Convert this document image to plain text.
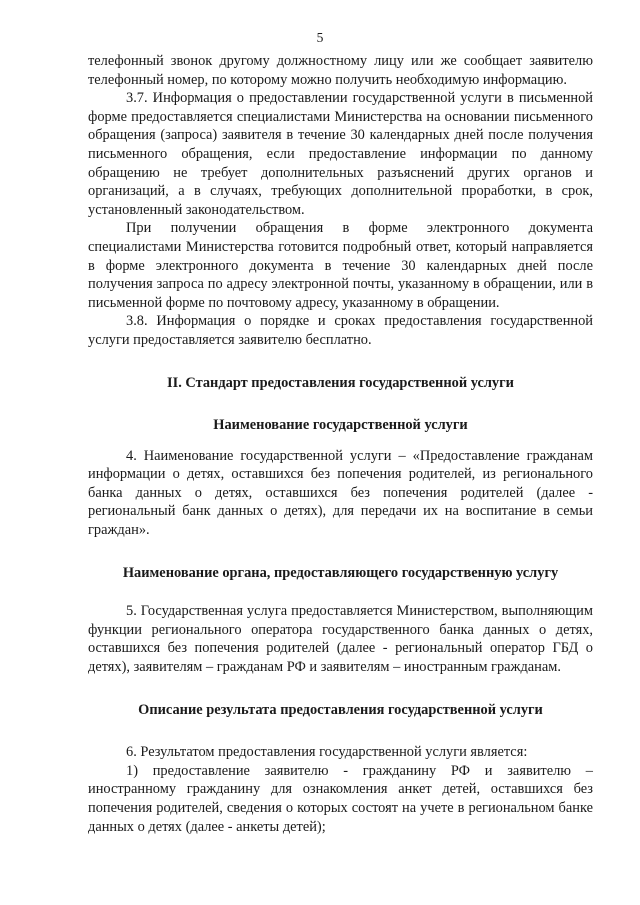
5

телефонный звонок другому должностному лицу или же сообщает заявителю телефонный номер, по которому можно получить необходимую информацию.

3.7. Информация о предоставлении государственной услуги в письменной форме предоставляется специалистами Министерства на основании письменного обращения (запроса) заявителя в течение 30 календарных дней после получения письменного обращения, если предоставление информации по данному обращению не требует дополнительных разъяснений других органов и организаций, а в случаях, требующих дополнительной проработки, в срок, установленный законодательством.

При получении обращения в форме электронного документа специалистами Министерства готовится подробный ответ, который направляется в форме электронного документа в течение 30 календарных дней после получения запроса по адресу электронной почты, указанному в обращении, или в письменной форме по почтовому адресу, указанному в обращении.

3.8. Информация о порядке и сроках предоставления государственной услуги предоставляется заявителю бесплатно.

II. Стандарт предоставления государственной услуги
Наименование государственной услуги

4. Наименование государственной услуги – «Предоставление гражданам информации о детях, оставшихся без попечения родителей, из регионального банка данных о детях, оставшихся без попечения родителей (далее - региональный банк данных о детях), для передачи их на воспитание в семьи граждан».

Наименование органа, предоставляющего государственную услугу

5. Государственная услуга предоставляется Министерством, выполняющим функции регионального оператора государственного банка данных о детях, оставшихся без попечения родителей (далее - региональный оператор ГБД о детях), заявителям – гражданам РФ и заявителям – иностранным гражданам.

Описание результата предоставления государственной услуги

6. Результатом предоставления государственной услуги является:

1) предоставление заявителю - гражданину РФ и заявителю – иностранному гражданину для ознакомления анкет детей, оставшихся без попечения родителей, сведения о которых состоят на учете в региональном банке данных о детях (далее - анкеты детей);
